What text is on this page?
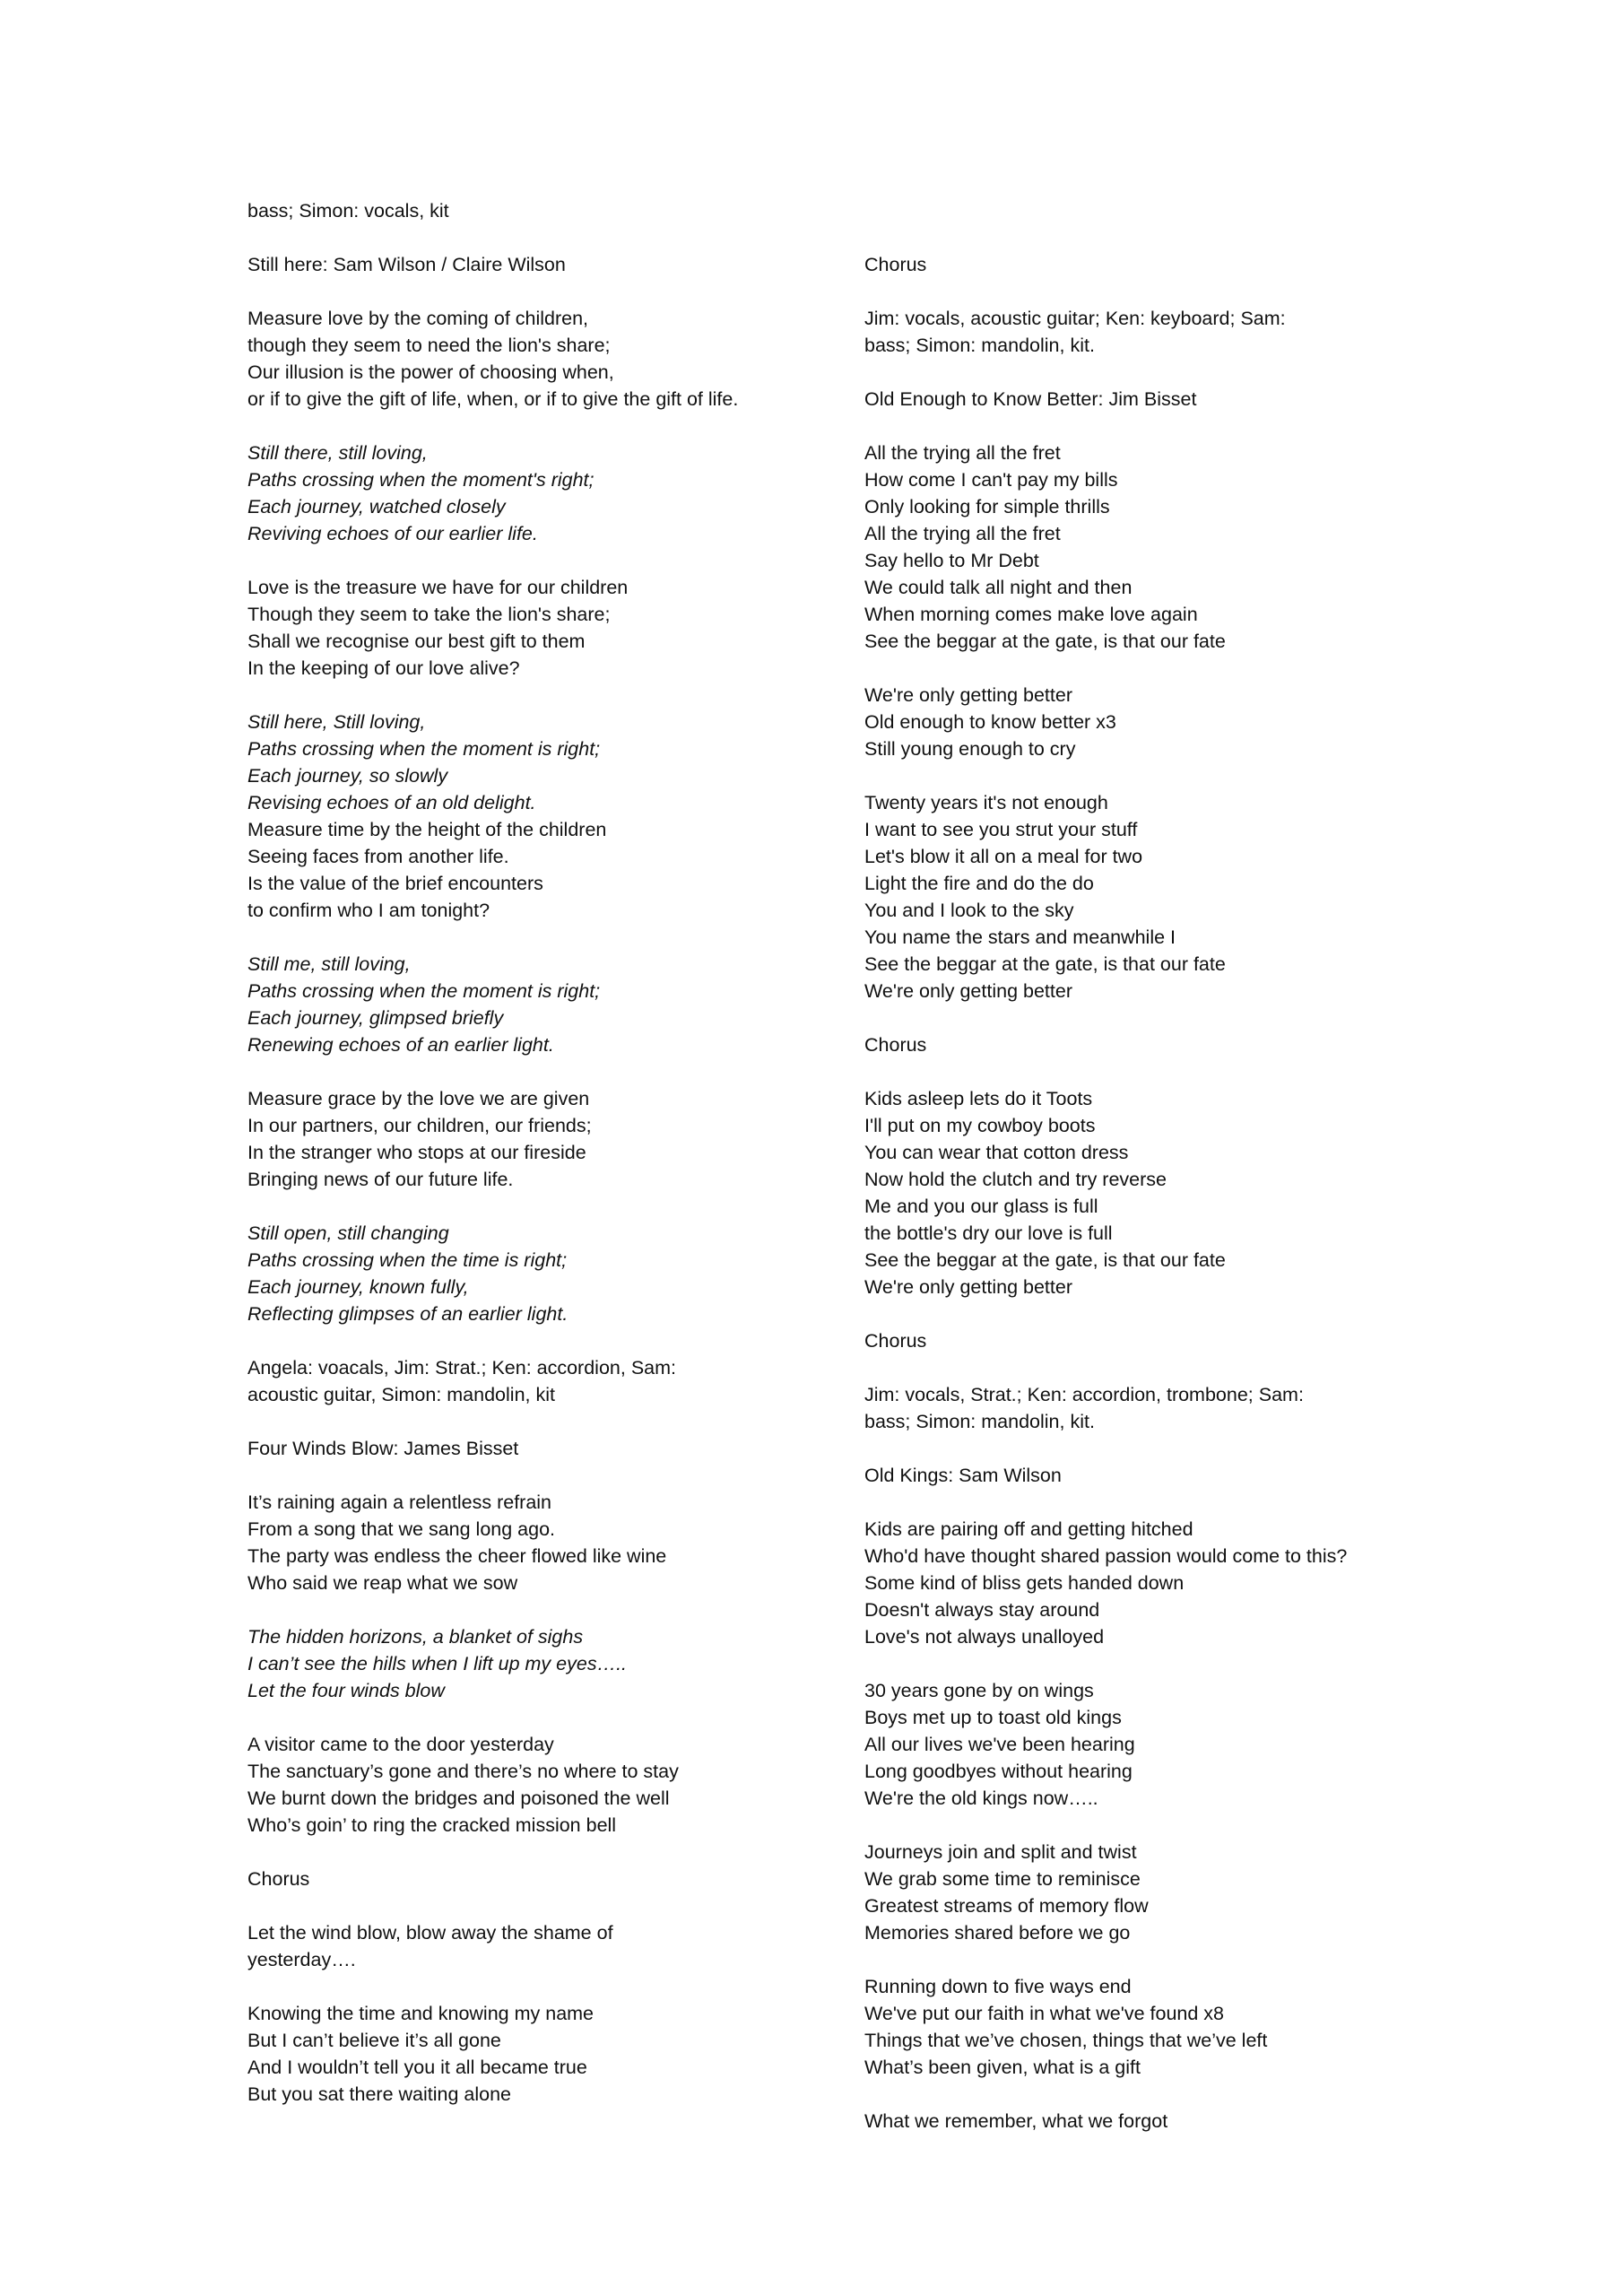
bass; Simon: vocals, kit
Still here: Sam Wilson / Claire Wilson
Measure love by the coming of children,
though they seem to need the lion's share;
Our illusion is the power of choosing when,
or if to give the gift of life, when, or if to give the gift of life.
Still there, still loving,
Paths crossing when the moment's right;
Each journey, watched closely
Reviving echoes of our earlier life.
Love is the treasure we have for our children
Though they seem to take the lion's share;
Shall we recognise our best gift to them
In the keeping of our love alive?
Still here, Still loving,
Paths crossing when the moment is right;
Each journey, so slowly
Revising echoes of an old delight.
Measure time by the height of the children
Seeing faces from another life.
Is the value of the brief encounters
to confirm who I am tonight?
Still me, still loving,
Paths crossing when the moment is right;
Each journey, glimpsed briefly
Renewing echoes of an earlier light.
Measure grace by the love we are given
In our partners, our children, our friends;
In the stranger who stops at our fireside
Bringing news of our future life.
Still open, still changing
Paths crossing when the time is right;
Each journey, known fully,
Reflecting glimpses of an earlier light.
Angela: voacals, Jim: Strat.; Ken: accordion, Sam:
acoustic guitar, Simon: mandolin, kit
Four Winds Blow: James Bisset
It’s raining again a relentless refrain
From a song that we sang long ago.
The party was endless the cheer flowed like wine
Who said we reap what we sow
The hidden horizons, a blanket of sighs
I can’t see the hills when I lift up my eyes…..
Let the four winds blow
A visitor came to the door yesterday
The sanctuary’s gone and there’s no where to stay
We burnt down the bridges and poisoned the well
Who’s goin’ to ring the cracked mission bell
Chorus
Let the wind blow, blow away the shame of
yesterday….
Knowing the time and knowing my name
But I can’t believe it’s all gone
And I wouldn’t tell you it all became true
But you sat there waiting alone
Chorus
Jim: vocals, acoustic guitar; Ken: keyboard; Sam:
bass; Simon: mandolin, kit.
Old Enough to Know Better: Jim Bisset
All the trying all the fret
How come I can't pay my bills
Only looking for simple thrills
All the trying all the fret
Say hello to Mr Debt
We could talk all night and then
When morning comes make love again
See the beggar at the gate, is that our fate
We're only getting better
Old enough to know better x3
Still young enough to cry
Twenty years it's not enough
I want to see you strut your stuff
Let's blow it all on a meal for two
Light the fire and do the do
You and I look to the sky
You name the stars and meanwhile I
See the beggar at the gate, is that our fate
We're only getting better
Chorus
Kids asleep lets do it Toots
I'll put on my cowboy boots
You can wear that cotton dress
Now hold the clutch and try reverse
Me and you our glass is full
the bottle's dry our love is full
See the beggar at the gate, is that our fate
We're only getting better
Chorus
Jim: vocals, Strat.; Ken: accordion, trombone; Sam:
bass; Simon: mandolin, kit.
Old Kings: Sam Wilson
Kids are pairing off and getting hitched
Who'd have thought shared passion would come to this?
Some kind of bliss gets handed down
Doesn't always stay around
Love's not always unalloyed
30 years gone by on wings
Boys met up to toast old kings
All our lives we've been hearing
Long goodbyes without hearing
We're the old kings now…..
Journeys join and split and twist
We grab some time to reminisce
Greatest streams of memory flow
Memories shared before we go
Running down to five ways end
We've put our faith in what we've found x8
Things that we’ve chosen, things that we’ve left
What’s been given, what is a gift
What we remember, what we forgot
